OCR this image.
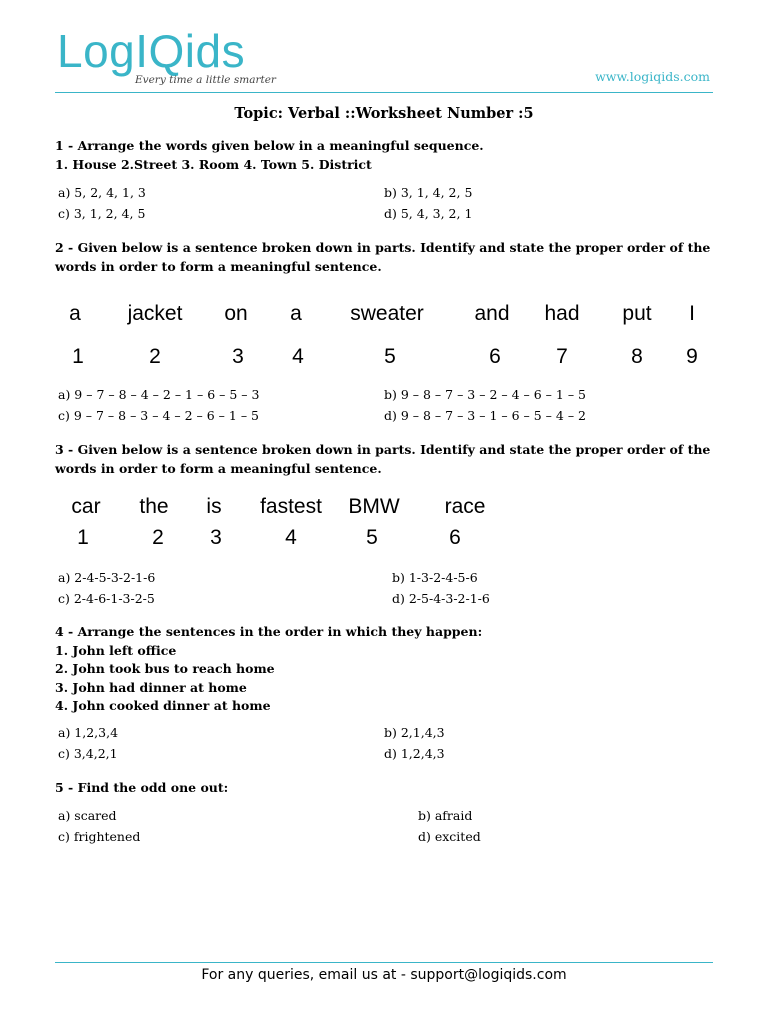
LogIQids
Every time a little smarter	www.logiqids.com
Topic: Verbal ::Worksheet Number :5
1 - Arrange the words given below in a meaningful sequence.
1. House 2.Street 3. Room 4. Town 5. District
a) 5, 2, 4, 1, 3	b) 3, 1, 4, 2, 5
c) 3, 1, 2, 4, 5	d) 5, 4, 3, 2, 1
2 - Given below is a sentence broken down in parts. Identify and state the proper order of the words in order to form a meaningful sentence.
a jacket on a sweater and had put I
1	2	3 4	5	6	7	8 9
a) 9 – 7 – 8 – 4 – 2 – 1 – 6 – 5 – 3	b) 9 – 8 – 7 – 3 – 2 – 4 – 6 – 1 – 5
c) 9 – 7 – 8 – 3 – 4 – 2 – 6 – 1 – 5	d) 9 – 8 – 7 – 3 – 1 – 6 – 5 – 4 – 2
3 - Given below is a sentence broken down in parts. Identify and state the proper order of the words in order to form a meaningful sentence.
car the is fastest BMW race
1	2 3	4	5	6
a) 2-4-5-3-2-1-6	b) 1-3-2-4-5-6
c) 2-4-6-1-3-2-5	d) 2-5-4-3-2-1-6
4 - Arrange the sentences in the order in which they happen:
1. John left office
2. John took bus to reach home
3. John had dinner at home
4. John cooked dinner at home
a) 1,2,3,4	b) 2,1,4,3
c) 3,4,2,1	d) 1,2,4,3
5 - Find the odd one out:
a) scared	b) afraid
c) frightened	d) excited
For any queries, email us at - support@logiqids.com
